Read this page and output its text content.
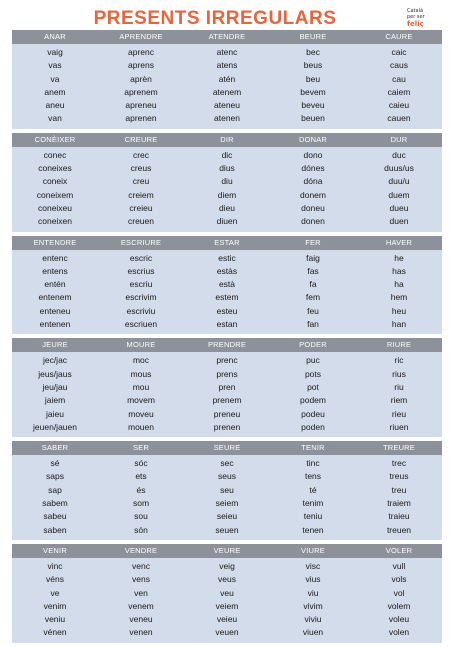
PRESENTS IRREGULARS	Català
per ser
feliç
ANAR	APRENDRE	ATENDRE	BEURE	CAURE
vaig	aprenc	atenc	bec	caic
vas	aprens	atens	beus	caus
va	aprèn	atén	beu	cau
anem	aprenem	atenem	bevem	caiem
aneu	apreneu	ateneu	beveu	caieu
van	aprenen	atenen	beuen	cauen
CONÈIXER	CREURE	DIR	DONAR	DUR
conec	crec	dic	dono	duc
coneixes	creus	dius	dónes	duus/us
coneix	creu	diu	dóna	duu/u
coneixem	creiem	diem	donem	duem
coneixeu	creieu	dieu	doneu	dueu
coneixen	creuen	diuen	donen	duen
ENTENDRE	ESCRIURE	ESTAR	FER	HAVER
entenc	escric	estic	faig	he
entens	escrius	estàs	fas	has
entén	escriu	està	fa	ha
entenem	escrivim	estem	fem	hem
enteneu	escriviu	esteu	feu	heu
entenen	escriuen	estan	fan	han
JEURE	MOURE	PRENDRE	PODER	RIURE
jec/jac	moc	prenc	puc	ric
jeus/jaus	mous	prens	pots	rius
jeu/jau	mou	pren	pot	riu
jaiem	movem	prenem	podem	riem
jaieu	moveu	preneu	podeu	rieu
jeuen/jauen	mouen	prenen	poden	riuen
SABER	SER	SEURE	TENIR	TREURE
sé	sóc	sec	tinc	trec
saps	ets	seus	tens	treus
sap	és	seu	té	treu
sabem	som	seiem	tenim	traiem
sabeu	sou	seieu	teniu	traieu
saben	són	seuen	tenen	treuen
VENIR	VENDRE	VEURE	VIURE	VOLER
vinc	venc	veig	visc	vull
véns	vens	veus	vius	vols
ve	ven	veu	viu	vol
venim	venem	veiem	vivim	volem
veniu	veneu	veieu	viviu	voleu
vénen	venen	veuen	viuen	volen
